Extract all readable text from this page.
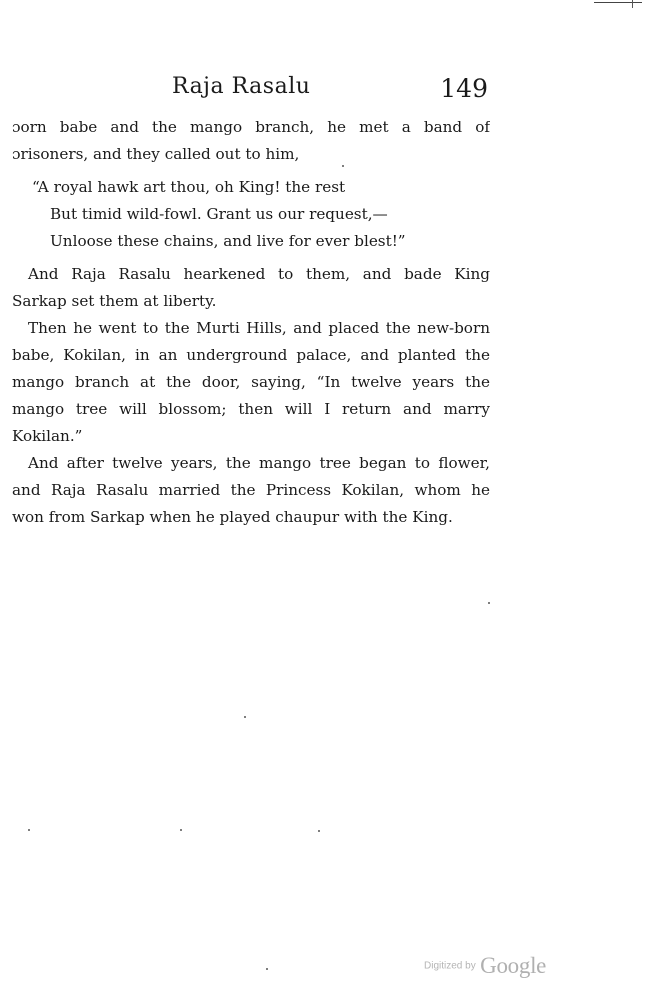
Raja Rasalu	149
ɔorn babe and the mango branch, he met a band of
ɔrisoners, and they called out to him,
“A royal hawk art thou, oh King! the rest
But timid wild-fowl. Grant us our request,—
Unloose these chains, and live for ever blest!”
And Raja Rasalu hearkened to them, and bade King
Sarkap set them at liberty.
Then he went to the Murti Hills, and placed the new-born
babe, Kokilan, in an underground palace, and planted the
mango branch at the door, saying, “In twelve years the
mango tree will blossom; then will I return and marry
Kokilan.”
And after twelve years, the mango tree began to flower,
and Raja Rasalu married the Princess Kokilan, whom he
won from Sarkap when he played chaupur with the King.
Digitized by Google
